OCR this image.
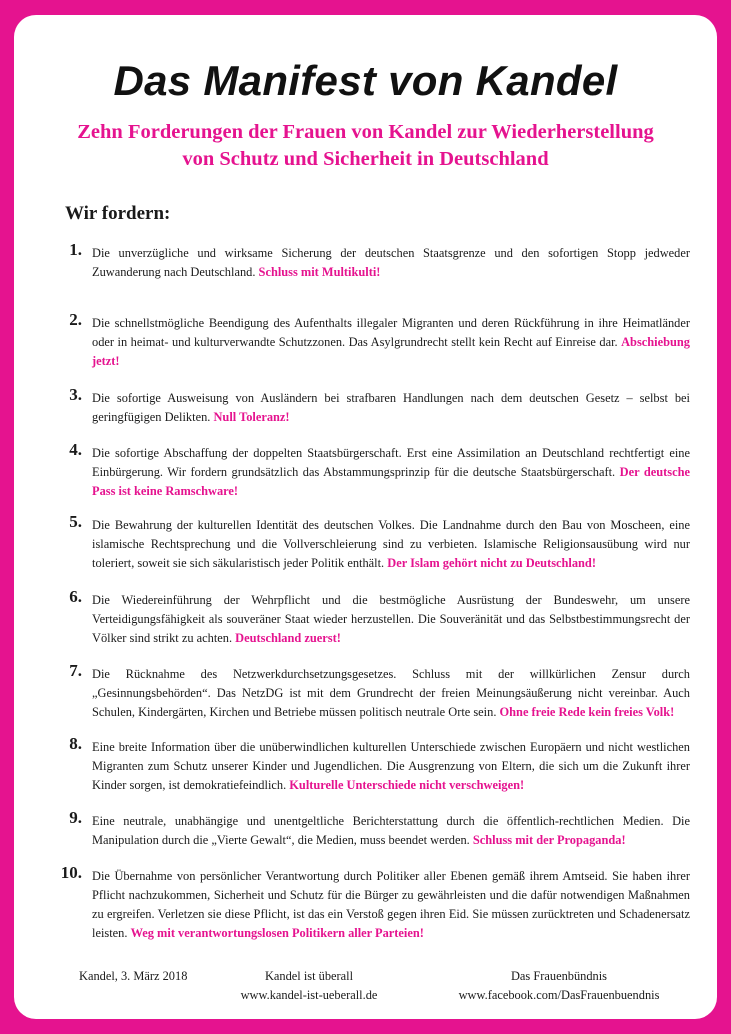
Das Manifest von Kandel
Zehn Forderungen der Frauen von Kandel zur Wiederherstellung
von Schutz und Sicherheit in Deutschland
Wir fordern:
1. Die unverzügliche und wirksame Sicherung der deutschen Staatsgrenze und den sofortigen Stopp jedweder Zuwanderung nach Deutschland. Schluss mit Multikulti!
2. Die schnellstmögliche Beendigung des Aufenthalts illegaler Migranten und deren Rückführung in ihre Heimatländer oder in heimat- und kulturverwandte Schutzzonen. Das Asylgrundrecht stellt kein Recht auf Einreise dar. Abschiebung jetzt!
3. Die sofortige Ausweisung von Ausländern bei strafbaren Handlungen nach dem deutschen Gesetz – selbst bei geringfügigen Delikten. Null Toleranz!
4. Die sofortige Abschaffung der doppelten Staatsbürgerschaft. Erst eine Assimilation an Deutschland rechtfertigt eine Einbürgerung. Wir fordern grundsätzlich das Abstammungsprinzip für die deutsche Staatsbürgerschaft. Der deutsche Pass ist keine Ramschware!
5. Die Bewahrung der kulturellen Identität des deutschen Volkes. Die Landnahme durch den Bau von Moscheen, eine islamische Rechtsprechung und die Vollverschleierung sind zu verbieten. Islamische Religionsausübung wird nur toleriert, soweit sie sich säkularistisch jeder Politik enthält. Der Islam gehört nicht zu Deutschland!
6. Die Wiedereinführung der Wehrpflicht und die bestmögliche Ausrüstung der Bundeswehr, um unsere Verteidigungsfähigkeit als souveräner Staat wieder herzustellen. Die Souveränität und das Selbstbestimmungsrecht der Völker sind strikt zu achten. Deutschland zuerst!
7. Die Rücknahme des Netzwerkdurchsetzungsgesetzes. Schluss mit der willkürlichen Zensur durch „Gesinnungsbehörden“. Das NetzDG ist mit dem Grundrecht der freien Meinungsäußerung nicht vereinbar. Auch Schulen, Kindergärten, Kirchen und Betriebe müssen politisch neutrale Orte sein. Ohne freie Rede kein freies Volk!
8. Eine breite Information über die unüberwindlichen kulturellen Unterschiede zwischen Europäern und nicht westlichen Migranten zum Schutz unserer Kinder und Jugendlichen. Die Ausgrenzung von Eltern, die sich um die Zukunft ihrer Kinder sorgen, ist demokratiefeindlich. Kulturelle Unterschiede nicht verschweigen!
9. Eine neutrale, unabhängige und unentgeltliche Berichterstattung durch die öffentlich-rechtlichen Medien. Die Manipulation durch die „Vierte Gewalt“, die Medien, muss beendet werden. Schluss mit der Propaganda!
10. Die Übernahme von persönlicher Verantwortung durch Politiker aller Ebenen gemäß ihrem Amtseid. Sie haben ihrer Pflicht nachzukommen, Sicherheit und Schutz für die Bürger zu gewährleisten und die dafür notwendigen Maßnahmen zu ergreifen. Verletzen sie diese Pflicht, ist das ein Verstoß gegen ihren Eid. Sie müssen zurücktreten und Schadenersatz leisten. Weg mit verantwortungslosen Politikern aller Parteien!
Kandel, 3. März 2018	Kandel ist überall
www.kandel-ist-ueberall.de
Das Frauenbündnis
www.facebook.com/DasFrauenbuendnis
